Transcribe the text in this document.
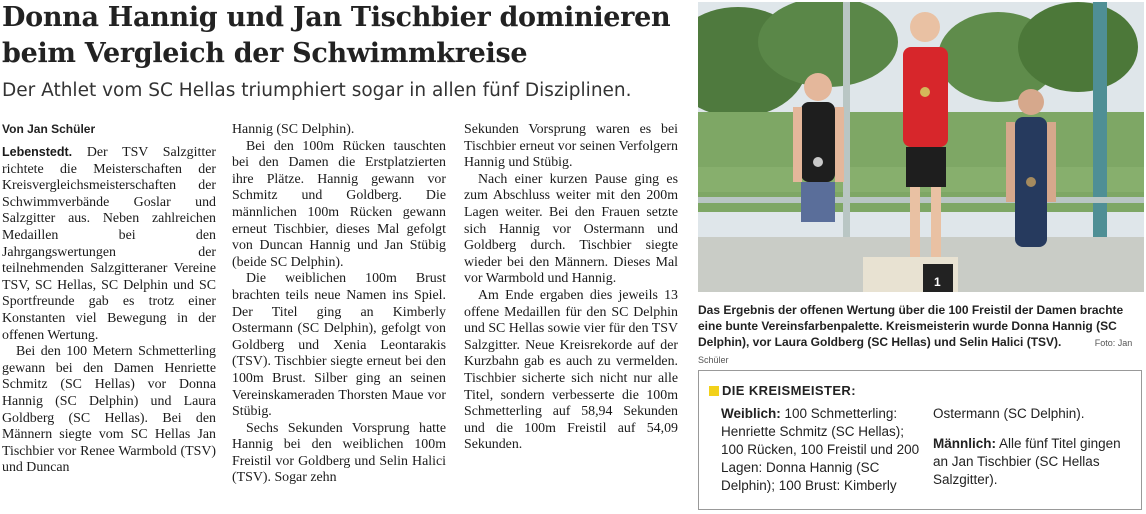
Donna Hannig und Jan Tischbier dominieren beim Vergleich der Schwimmkreise
Der Athlet vom SC Hellas triumphiert sogar in allen fünf Disziplinen.
Von Jan Schüler

Lebenstedt. Der TSV Salzgitter richtete die Meisterschaften der Kreisvergleichsmeisterschaften der Schwimmverbände Goslar und Salzgitter aus. Neben zahlreichen Medaillen bei den Jahrgangswertungen der teilnehmenden Salzgitteraner Vereine TSV, SC Hellas, SC Delphin und SC Sportfreunde gab es trotz einer Konstanten viel Bewegung in der offenen Wertung.

Bei den 100 Metern Schmetterling gewann bei den Damen Henriette Schmitz (SC Hellas) vor Donna Hannig (SC Delphin) und Laura Goldberg (SC Hellas). Bei den Männern siegte vom SC Hellas Jan Tischbier vor Renee Warmbold (TSV) und Duncan

Hannig (SC Delphin).

Bei den 100m Rücken tauschten bei den Damen die Erstplatzierten ihre Plätze. Hannig gewann vor Schmitz und Goldberg. Die männlichen 100m Rücken gewann erneut Tischbier, dieses Mal gefolgt von Duncan Hannig und Jan Stübig (beide SC Delphin).

Die weiblichen 100m Brust brachten teils neue Namen ins Spiel. Der Titel ging an Kimberly Ostermann (SC Delphin), gefolgt von Goldberg und Xenia Leontarakis (TSV). Tischbier siegte erneut bei den 100m Brust. Silber ging an seinen Vereinskameraden Thorsten Maue vor Stübig.

Sechs Sekunden Vorsprung hatte Hannig bei den weiblichen 100m Freistil vor Goldberg und Selin Halici (TSV). Sogar zehn

Sekunden Vorsprung waren es bei Tischbier erneut vor seinen Verfolgern Hannig und Stübig.

Nach einer kurzen Pause ging es zum Abschluss weiter mit den 200m Lagen weiter. Bei den Frauen setzte sich Hannig vor Ostermann und Goldberg durch. Tischbier siegte wieder bei den Männern. Dieses Mal vor Warmbold und Hannig.

Am Ende ergaben dies jeweils 13 offene Medaillen für den SC Delphin und SC Hellas sowie vier für den TSV Salzgitter. Neue Kreisrekorde auf der Kurzbahn gab es auch zu vermelden. Tischbier sicherte sich nicht nur alle Titel, sondern verbesserte die 100m Schmetterling auf 58,94 Sekunden und die 100m Freistil auf 54,09 Sekunden.

1
Das Ergebnis der offenen Wertung über die 100 Freistil der Damen brachte eine bunte Vereinsfarbenpalette. Kreismeisterin wurde Donna Hannig (SC Delphin), vor Laura Goldberg (SC Hellas) und Selin Halici (TSV).	Foto: Jan Schüler
DIE KREISMEISTER:
Weiblich: 100 Schmetterling: Henriette Schmitz (SC Hellas); 100 Rücken, 100 Freistil und 200 Lagen: Donna Hannig (SC Delphin); 100 Brust: Kimberly
Ostermann (SC Delphin).
Männlich: Alle fünf Titel gingen an Jan Tischbier (SC Hellas Salzgitter).
